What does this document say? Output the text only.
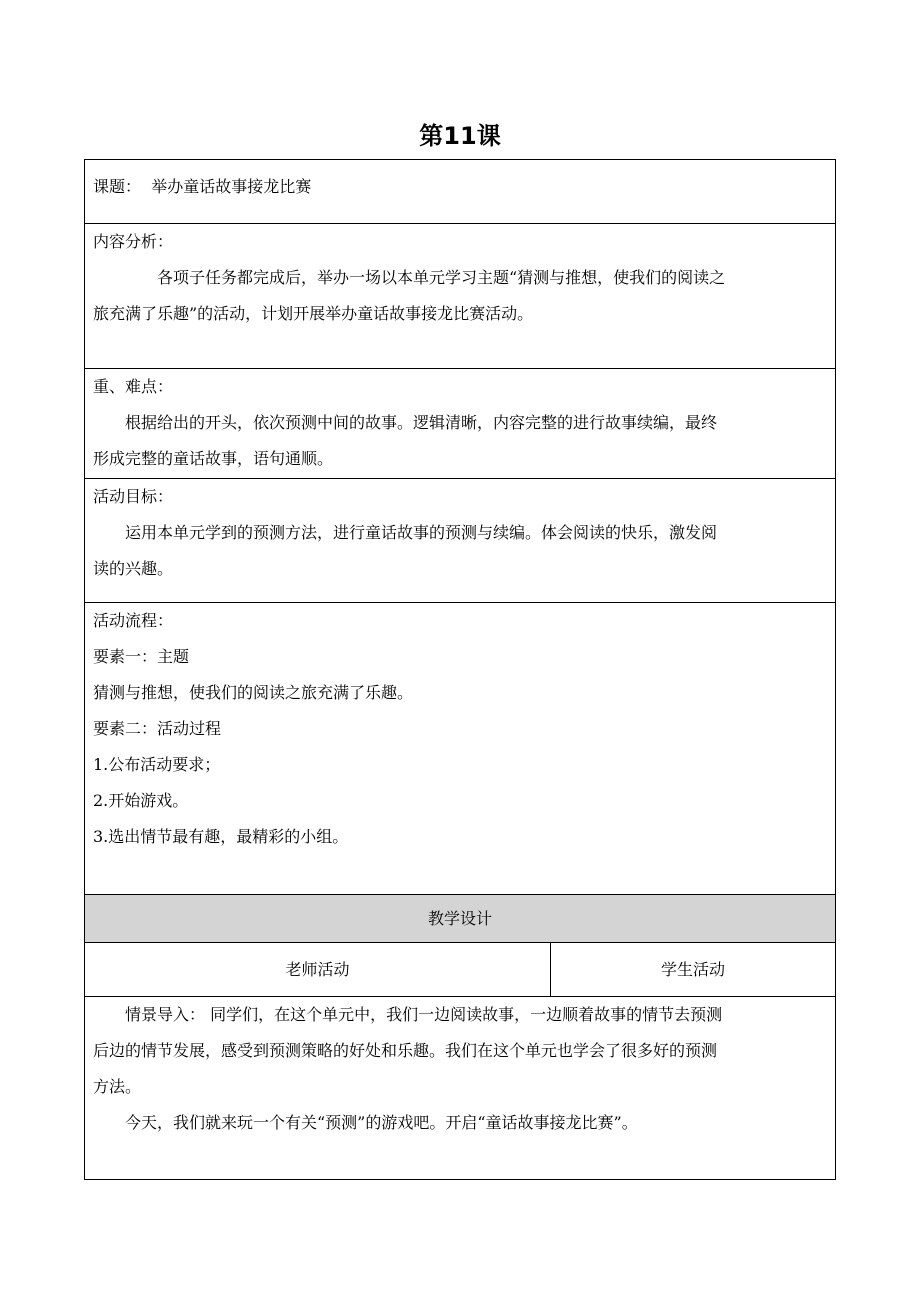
第11课
课题： 举办童话故事接龙比赛
内容分析：
各项子任务都完成后，举办一场以本单元学习主题“猜测与推想，使我们的阅读之
旅充满了乐趣”的活动，计划开展举办童话故事接龙比赛活动。
重、难点：
根据给出的开头，依次预测中间的故事。逻辑清晰，内容完整的进行故事续编，最终
形成完整的童话故事，语句通顺。
活动目标：
运用本单元学到的预测方法，进行童话故事的预测与续编。体会阅读的快乐，激发阅
读的兴趣。
活动流程：
要素一：主题
猜测与推想，使我们的阅读之旅充满了乐趣。
要素二：活动过程
1.公布活动要求；
2.开始游戏。
3.选出情节最有趣，最精彩的小组。
教学设计
老师活动	学生活动
情景导入： 同学们，在这个单元中，我们一边阅读故事，一边顺着故事的情节去预测
后边的情节发展，感受到预测策略的好处和乐趣。我们在这个单元也学会了很多好的预测
方法。
今天，我们就来玩一个有关“预测”的游戏吧。开启“童话故事接龙比赛”。
